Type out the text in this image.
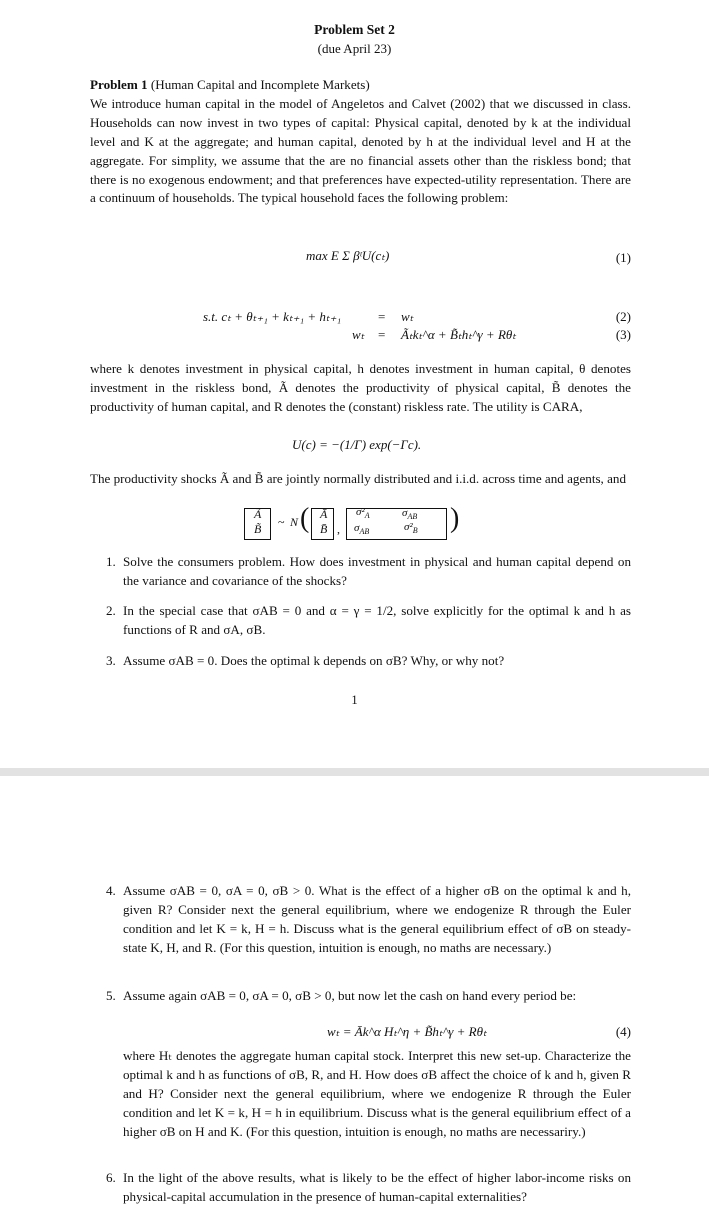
Problem Set 2
(due April 23)
Problem 1 (Human Capital and Incomplete Markets)
We introduce human capital in the model of Angeletos and Calvet (2002) that we discussed in class. Households can now invest in two types of capital: Physical capital, denoted by k at the individual level and K at the aggregate; and human capital, denoted by h at the individual level and H at the aggregate. For simplity, we assume that the are no financial assets other than the riskless bond; that there is no exogenous endowment; and that preferences have expected-utility representation. There are a continuum of households. The typical household faces the following problem:
max E Σ βᵗU(cₜ)	(1)
s.t. cₜ + θₜ₊₁ + kₜ₊₁ + hₜ₊₁	= wₜ	(2)
wₜ = Ãₜkₜ^α + B̃ₜhₜ^γ + Rθₜ	(3)
where k denotes investment in physical capital, h denotes investment in human capital, θ denotes investment in the riskless bond, Ã denotes the productivity of physical capital, B̃ denotes the productivity of human capital, and R denotes the (constant) riskless rate. The utility is CARA,
U(c) = −(1/Γ) exp(−Γc).
The productivity shocks Ã and B̃ are jointly normally distributed and i.i.d. across time and agents, and
Ã
B̃ ~ N ( Ā
B̄ ,
$\sigma^2_A$	$\sigma_{AB}$
$\sigma_{AB}$	$\sigma^2_B$ )
1. Solve the consumers problem. How does investment in physical and human capital depend on the variance and covariance of the shocks?
2. In the special case that σAB = 0 and α = γ = 1/2, solve explicitly for the optimal k and h as functions of R and σA, σB.
3. Assume σAB = 0. Does the optimal k depends on σB? Why, or why not?
1
4. Assume σAB = 0, σA = 0, σB > 0. What is the effect of a higher σB on the optimal k and h, given R? Consider next the general equilibrium, where we endogenize R through the Euler condition and let K = k, H = h. Discuss what is the general equilibrium effect of σB on steady-state K, H, and R. (For this question, intuition is enough, no maths are necessary.)
5. Assume again σAB = 0, σA = 0, σB > 0, but now let the cash on hand every period be:
wₜ = Āk^α Hₜ^η + B̃hₜ^γ + Rθₜ	(4)
where Hₜ denotes the aggregate human capital stock. Interpret this new set-up. Characterize the optimal k and h as functions of σB, R, and H. How does σB affect the choice of k and h, given R and H? Consider next the general equilibrium, where we endogenize R through the Euler condition and let K = k, H = h in equilibrium. Discuss what is the general equilibrium effect of a higher σB on H and K. (For this question, intuition is enough, no maths are necessariry.)
6. In the light of the above results, what is likely to be the effect of higher labor-income risks on physical-capital accumulation in the presence of human-capital externalities?
